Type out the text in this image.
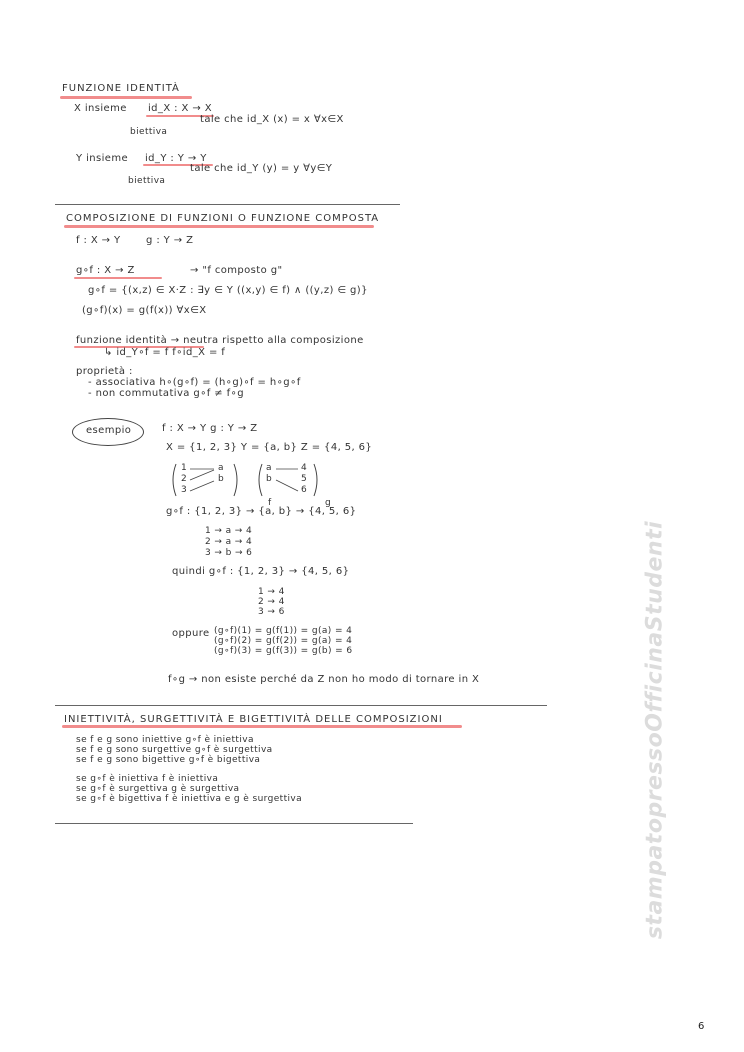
FUNZIONE IDENTITÀ
X insieme id_X : X → X
tale che id_X (x) = x ∀x∈X
biettiva
Y insieme id_Y : Y → Y
tale che id_Y (y) = y ∀y∈Y
biettiva
COMPOSIZIONE DI FUNZIONI O FUNZIONE COMPOSTA
f : X → Y	g : Y → Z
g∘f : X → Z	→ "f composto g"
g∘f = {(x,z) ∈ X·Z : ∃y ∈ Y ((x,y) ∈ f) ∧ ((y,z) ∈ g)}
(g∘f)(x) = g(f(x)) ∀x∈X
funzione identità → neutra rispetto alla composizione
↳ id_Y∘f = f f∘id_X = f
proprietà :
- associativa h∘(g∘f) = (h∘g)∘f = h∘g∘f
- non commutativa g∘f ≠ f∘g
esempio	f : X → Y g : Y → Z
X = {1, 2, 3} Y = {a, b} Z = {4, 5, 6}
1
2
3
a
b
a
b
4
5
6
f	g
g∘f : {1, 2, 3} → {a, b} → {4, 5, 6}
1 → a → 4
2 → a → 4
3 → b → 6
quindi g∘f : {1, 2, 3} → {4, 5, 6}
1 → 4
2 → 4
3 → 6
oppure (g∘f)(1) = g(f(1)) = g(a) = 4
(g∘f)(2) = g(f(2)) = g(a) = 4
(g∘f)(3) = g(f(3)) = g(b) = 6
f∘g → non esiste perché da Z non ho modo di tornare in X
INIETTIVITÀ, SURGETTIVITÀ E BIGETTIVITÀ DELLE COMPOSIZIONI
se f e g sono iniettive g∘f è iniettiva
se f e g sono surgettive g∘f è surgettiva
se f e g sono bigettive g∘f è bigettiva
se g∘f è iniettiva f è iniettiva
se g∘f è surgettiva g è surgettiva
se g∘f è bigettiva f è iniettiva e g è surgettiva	stampatopressoOfficinaStudenti
6
